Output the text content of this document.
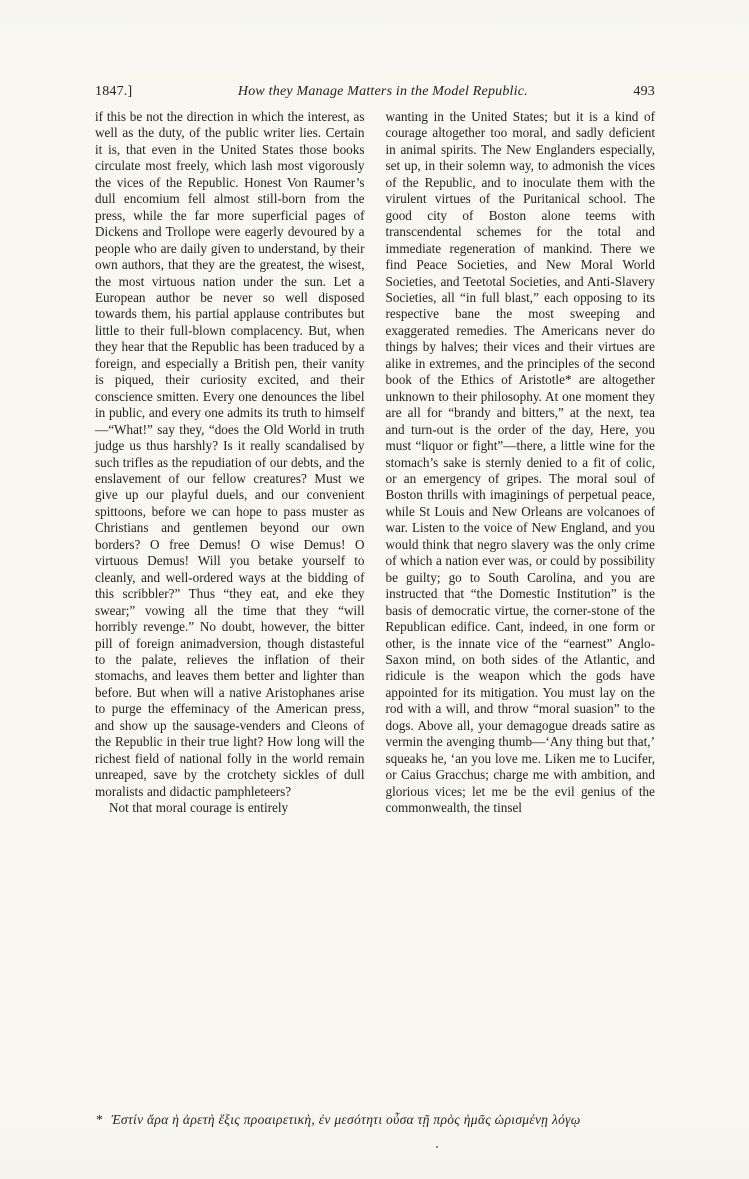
1847.]	How they Manage Matters in the Model Republic.	493

if this be not the direction in which the interest, as well as the duty, of the public writer lies. Certain it is, that even in the United States those books circulate most freely, which lash most vigorously the vices of the Republic. Honest Von Raumer’s dull encomium fell almost still-born from the press, while the far more superficial pages of Dickens and Trollope were eagerly devoured by a people who are daily given to understand, by their own authors, that they are the greatest, the wisest, the most virtuous nation under the sun. Let a European author be never so well disposed towards them, his partial applause contributes but little to their full-blown complacency. But, when they hear that the Republic has been traduced by a foreign, and especially a British pen, their vanity is piqued, their curiosity excited, and their conscience smitten. Every one denounces the libel in public, and every one admits its truth to himself—“What!” say they, “does the Old World in truth judge us thus harshly? Is it really scandalised by such trifles as the repudiation of our debts, and the enslavement of our fellow creatures? Must we give up our playful duels, and our convenient spittoons, before we can hope to pass muster as Christians and gentlemen beyond our own borders? O free Demus! O wise Demus! O virtuous Demus! Will you betake yourself to cleanly, and well-ordered ways at the bidding of this scribbler?” Thus “they eat, and eke they swear;” vowing all the time that they “will horribly revenge.” No doubt, however, the bitter pill of foreign animadversion, though distasteful to the palate, relieves the inflation of their stomachs, and leaves them better and lighter than before. But when will a native Aristophanes arise to purge the effeminacy of the American press, and show up the sausage-venders and Cleons of the Republic in their true light? How long will the richest field of national folly in the world remain unreaped, save by the crotchety sickles of dull moralists and didactic pamphleteers?

Not that moral courage is entirely

wanting in the United States; but it is a kind of courage altogether too moral, and sadly deficient in animal spirits. The New Englanders especially, set up, in their solemn way, to admonish the vices of the Republic, and to inoculate them with the virulent virtues of the Puritanical school. The good city of Boston alone teems with transcendental schemes for the total and immediate regeneration of mankind. There we find Peace Societies, and New Moral World Societies, and Teetotal Societies, and Anti-Slavery Societies, all “in full blast,” each opposing to its respective bane the most sweeping and exaggerated remedies. The Americans never do things by halves; their vices and their virtues are alike in extremes, and the principles of the second book of the Ethics of Aristotle* are altogether unknown to their philosophy. At one moment they are all for “brandy and bitters,” at the next, tea and turn-out is the order of the day, Here, you must “liquor or fight”—there, a little wine for the stomach’s sake is sternly denied to a fit of colic, or an emergency of gripes. The moral soul of Boston thrills with imaginings of perpetual peace, while St Louis and New Orleans are volcanoes of war. Listen to the voice of New England, and you would think that negro slavery was the only crime of which a nation ever was, or could by possibility be guilty; go to South Carolina, and you are instructed that “the Domestic Institution” is the basis of democratic virtue, the corner-stone of the Republican edifice. Cant, indeed, in one form or other, is the innate vice of the “earnest” Anglo-Saxon mind, on both sides of the Atlantic, and ridicule is the weapon which the gods have appointed for its mitigation. You must lay on the rod with a will, and throw “moral suasion” to the dogs. Above all, your demagogue dreads satire as vermin the avenging thumb—‘Any thing but that,’ squeaks he, ‘an you love me. Liken me to Lucifer, or Caius Gracchus; charge me with ambition, and glorious vices; let me be the evil genius of the commonwealth, the tinsel

* Ἐστίν ἄρα ἡ ἀρετὴ ἕξις προαιρετικὴ, ἐν μεσότητι οὖσα τῇ πρὸς ἡμᾶς ὡρισμένῃ λόγῳ
